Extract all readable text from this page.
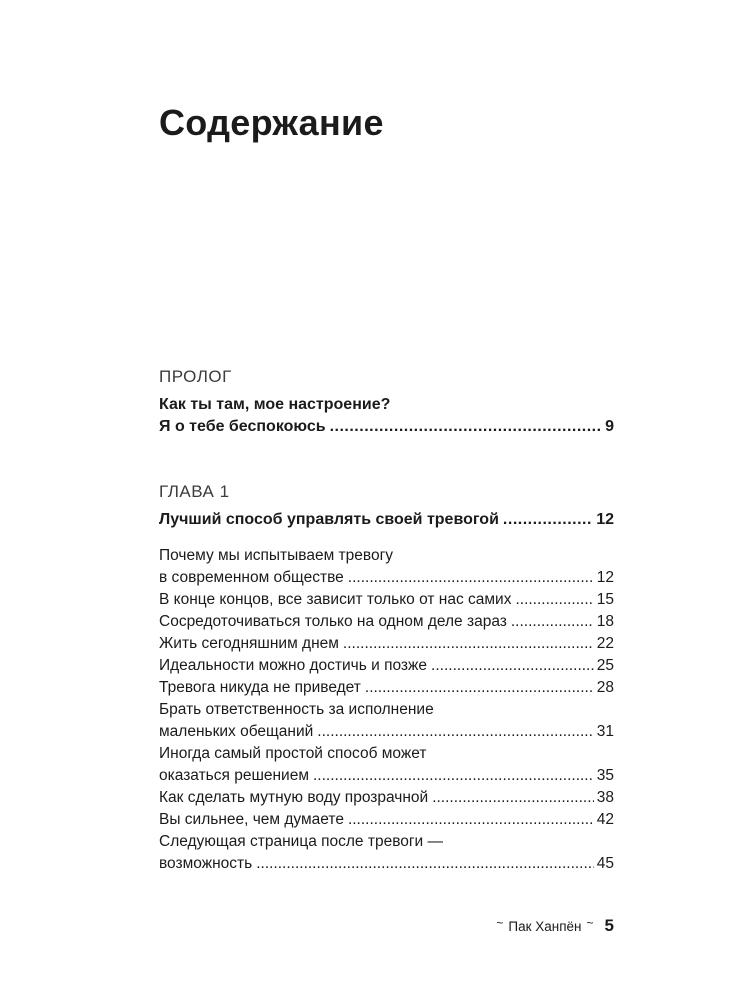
Содержание
ПРОЛОГ
Как ты там, мое настроение?
Я о тебе беспокоюсь .....	9
ГЛАВА 1
Лучший способ управлять своей тревогой .....	12
Почему мы испытываем тревогу
в современном обществе .....	12
В конце концов, все зависит только от нас самих .....	15
Сосредоточиваться только на одном деле зараз .....	18
Жить сегодняшним днем .....	22
Идеальности можно достичь и позже .....	25
Тревога никуда не приведет .....	28
Брать ответственность за исполнение
маленьких обещаний .....	31
Иногда самый простой способ может
оказаться решением .....	35
Как сделать мутную воду прозрачной .....	38
Вы сильнее, чем думаете .....	42
Следующая страница после тревоги —
возможность .....	45
~ Пак Ханпён ~ 5
